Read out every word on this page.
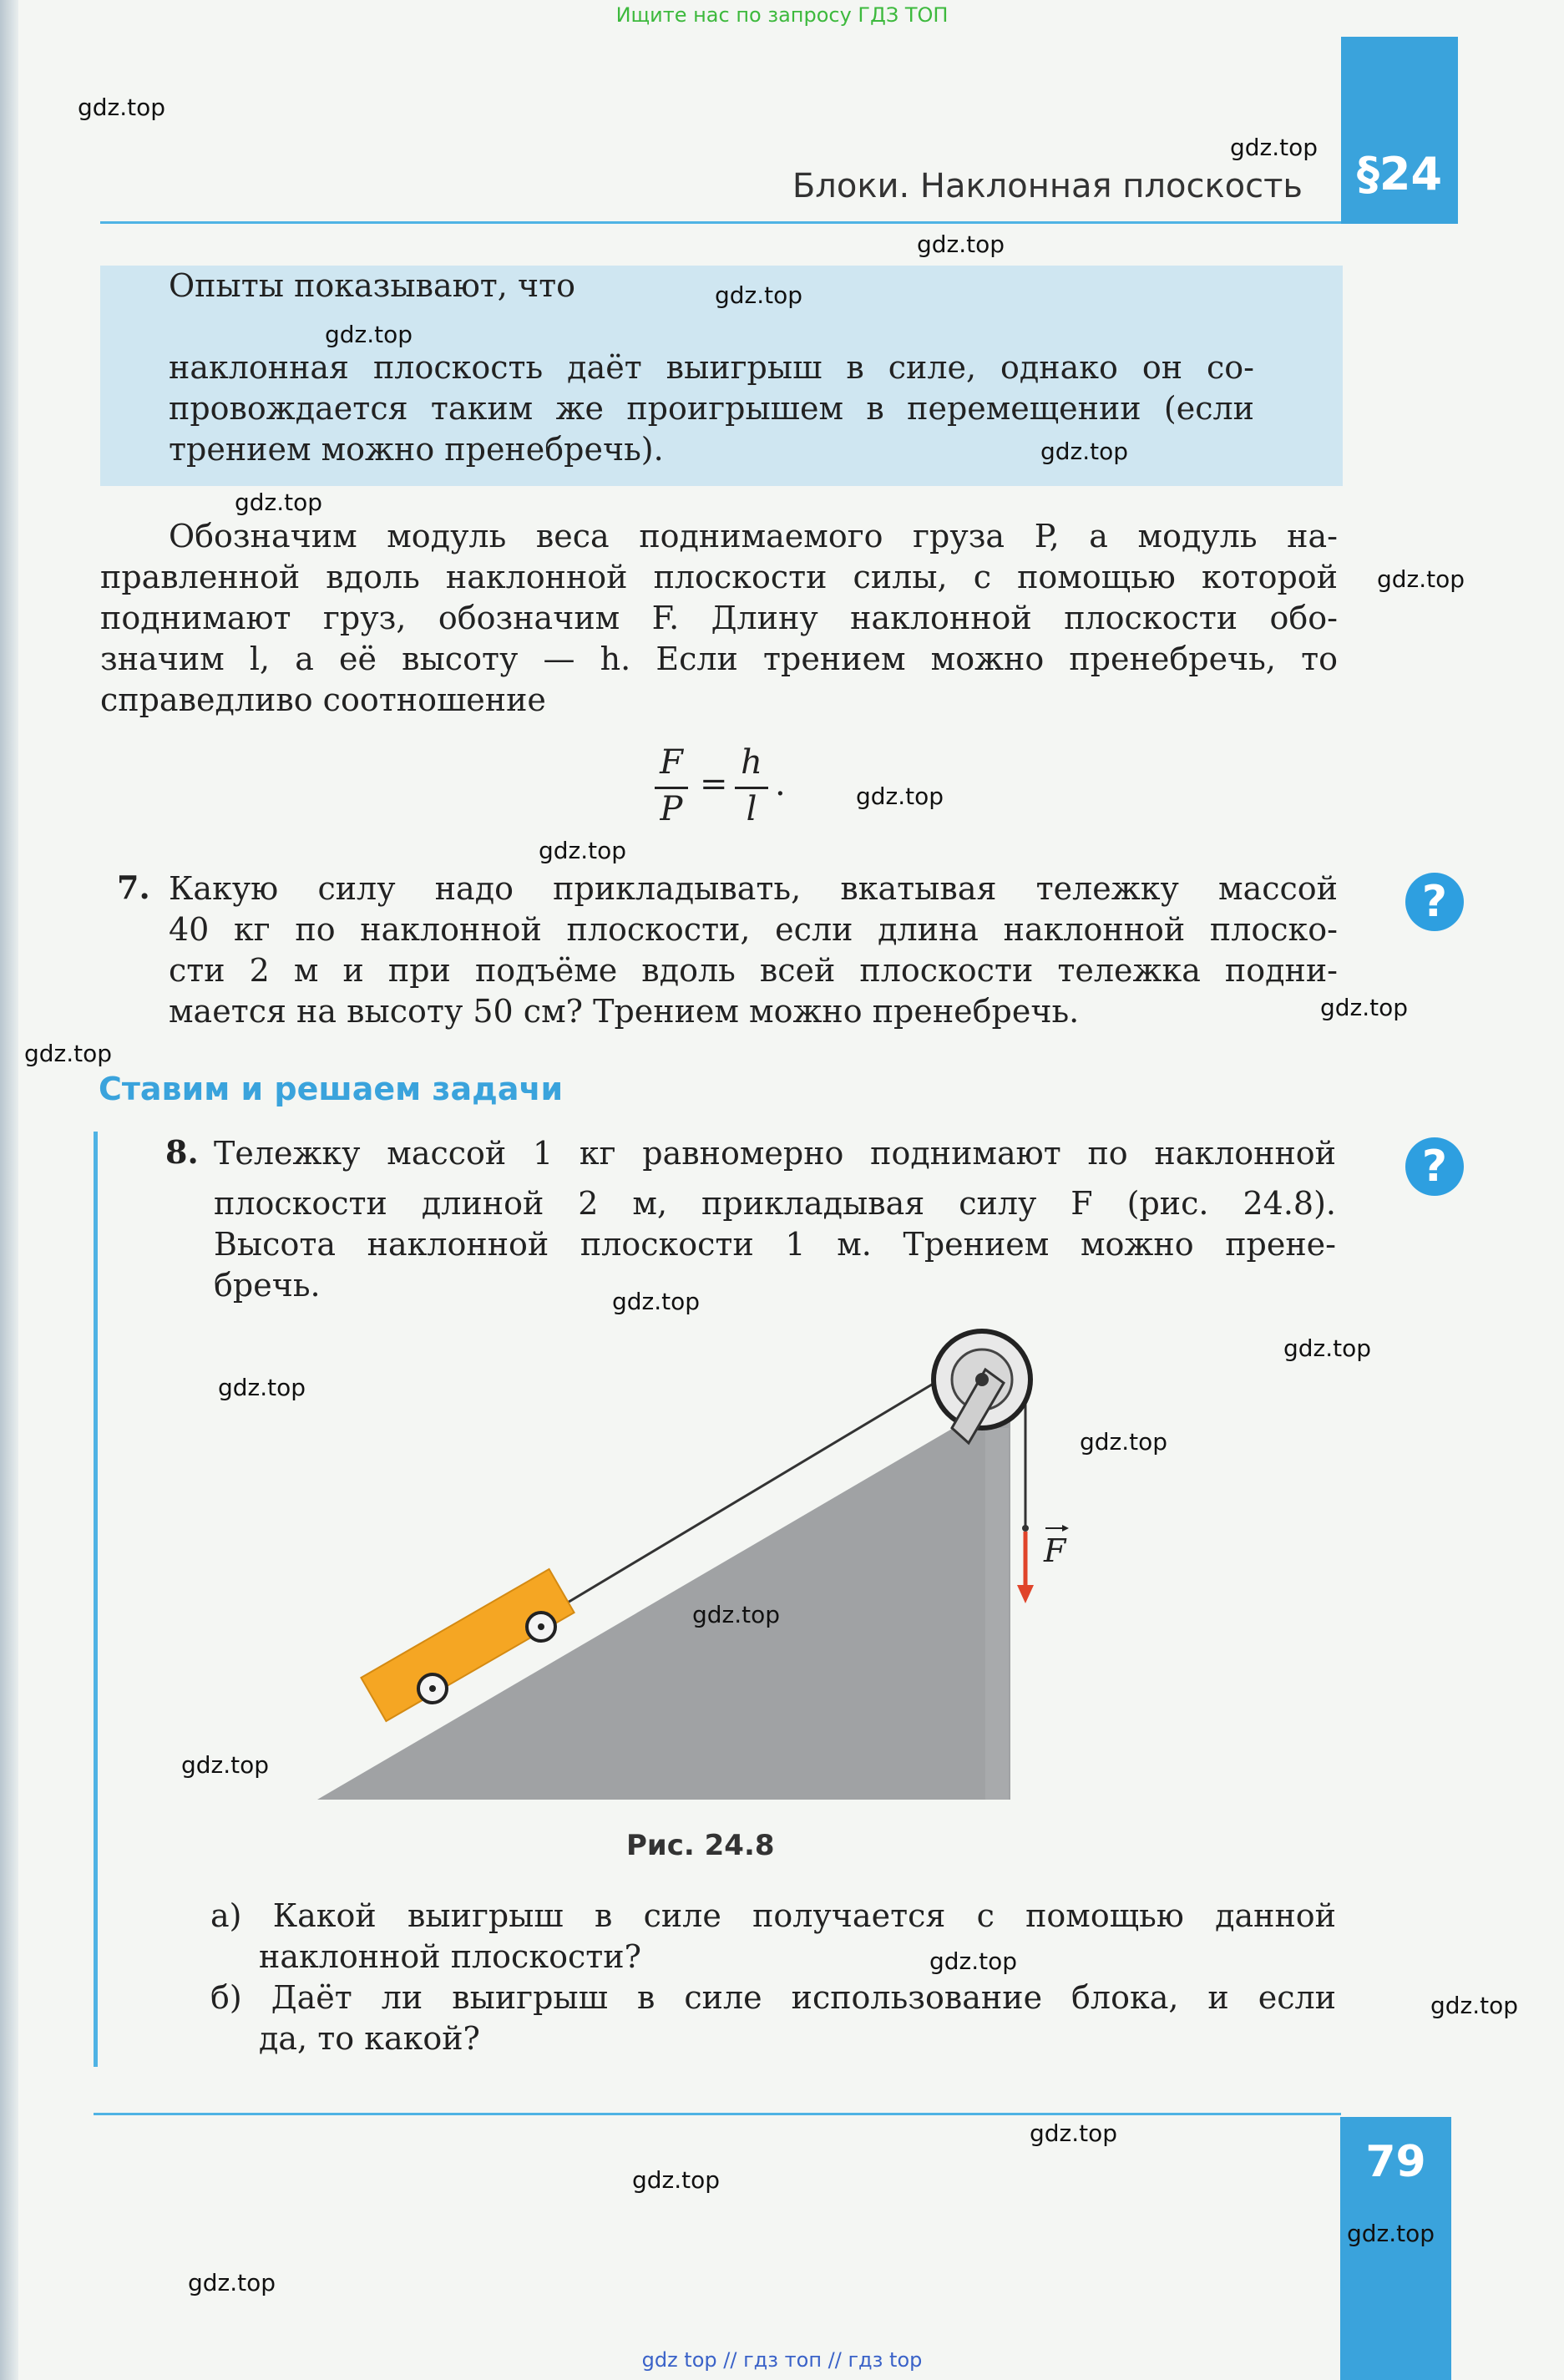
Ищите нас по запросу ГДЗ ТОП
§24
Блоки. Наклонная плоскость

Опыты показывают, что

наклонная плоскость даёт выигрыш в силе, однако он со-

провождается таким же проигрышем в перемещении (если

трением можно пренебречь).

Обозначим модуль веса поднимаемого груза P, а модуль на-

правленной вдоль наклонной плоскости силы, с помощью которой

поднимают груз, обозначим F. Длину наклонной плоскости обо-

значим l, а её высоту — h. Если трением можно пренебречь, то

справедливо соотношение

F
P
=
h
l
.
7. Какую силу надо прикладывать, вкатывая тележку массой

40 кг по наклонной плоскости, если длина наклонной плоско-

сти 2 м и при подъёме вдоль всей плоскости тележка подни-

мается на высоту 50 см? Трением можно пренебречь.

?
Ставим и решаем задачи
8. Тележку массой 1 кг равномерно поднимают по наклонной

плоскости длиной 2 м, прикладывая силу F (рис. 24.8).

Высота наклонной плоскости 1 м. Трением можно прене-

бречь.

?
F
Рис. 24.8

а) Какой выигрыш в силе получается с помощью данной

наклонной плоскости?

б) Даёт ли выигрыш в силе использование блока, и если

да, то какой?

79
gdz.top
gdz.top
gdz.top
gdz.top
gdz.top
gdz.top
gdz.top
gdz.top
gdz.top
gdz.top
gdz.top
gdz.top
gdz.top
gdz.top
gdz.top
gdz.top
gdz.top
gdz.top
gdz.top
gdz.top
gdz.top
gdz.top
gdz.top
gdz.top
gdz top // гдз топ // гдз top
